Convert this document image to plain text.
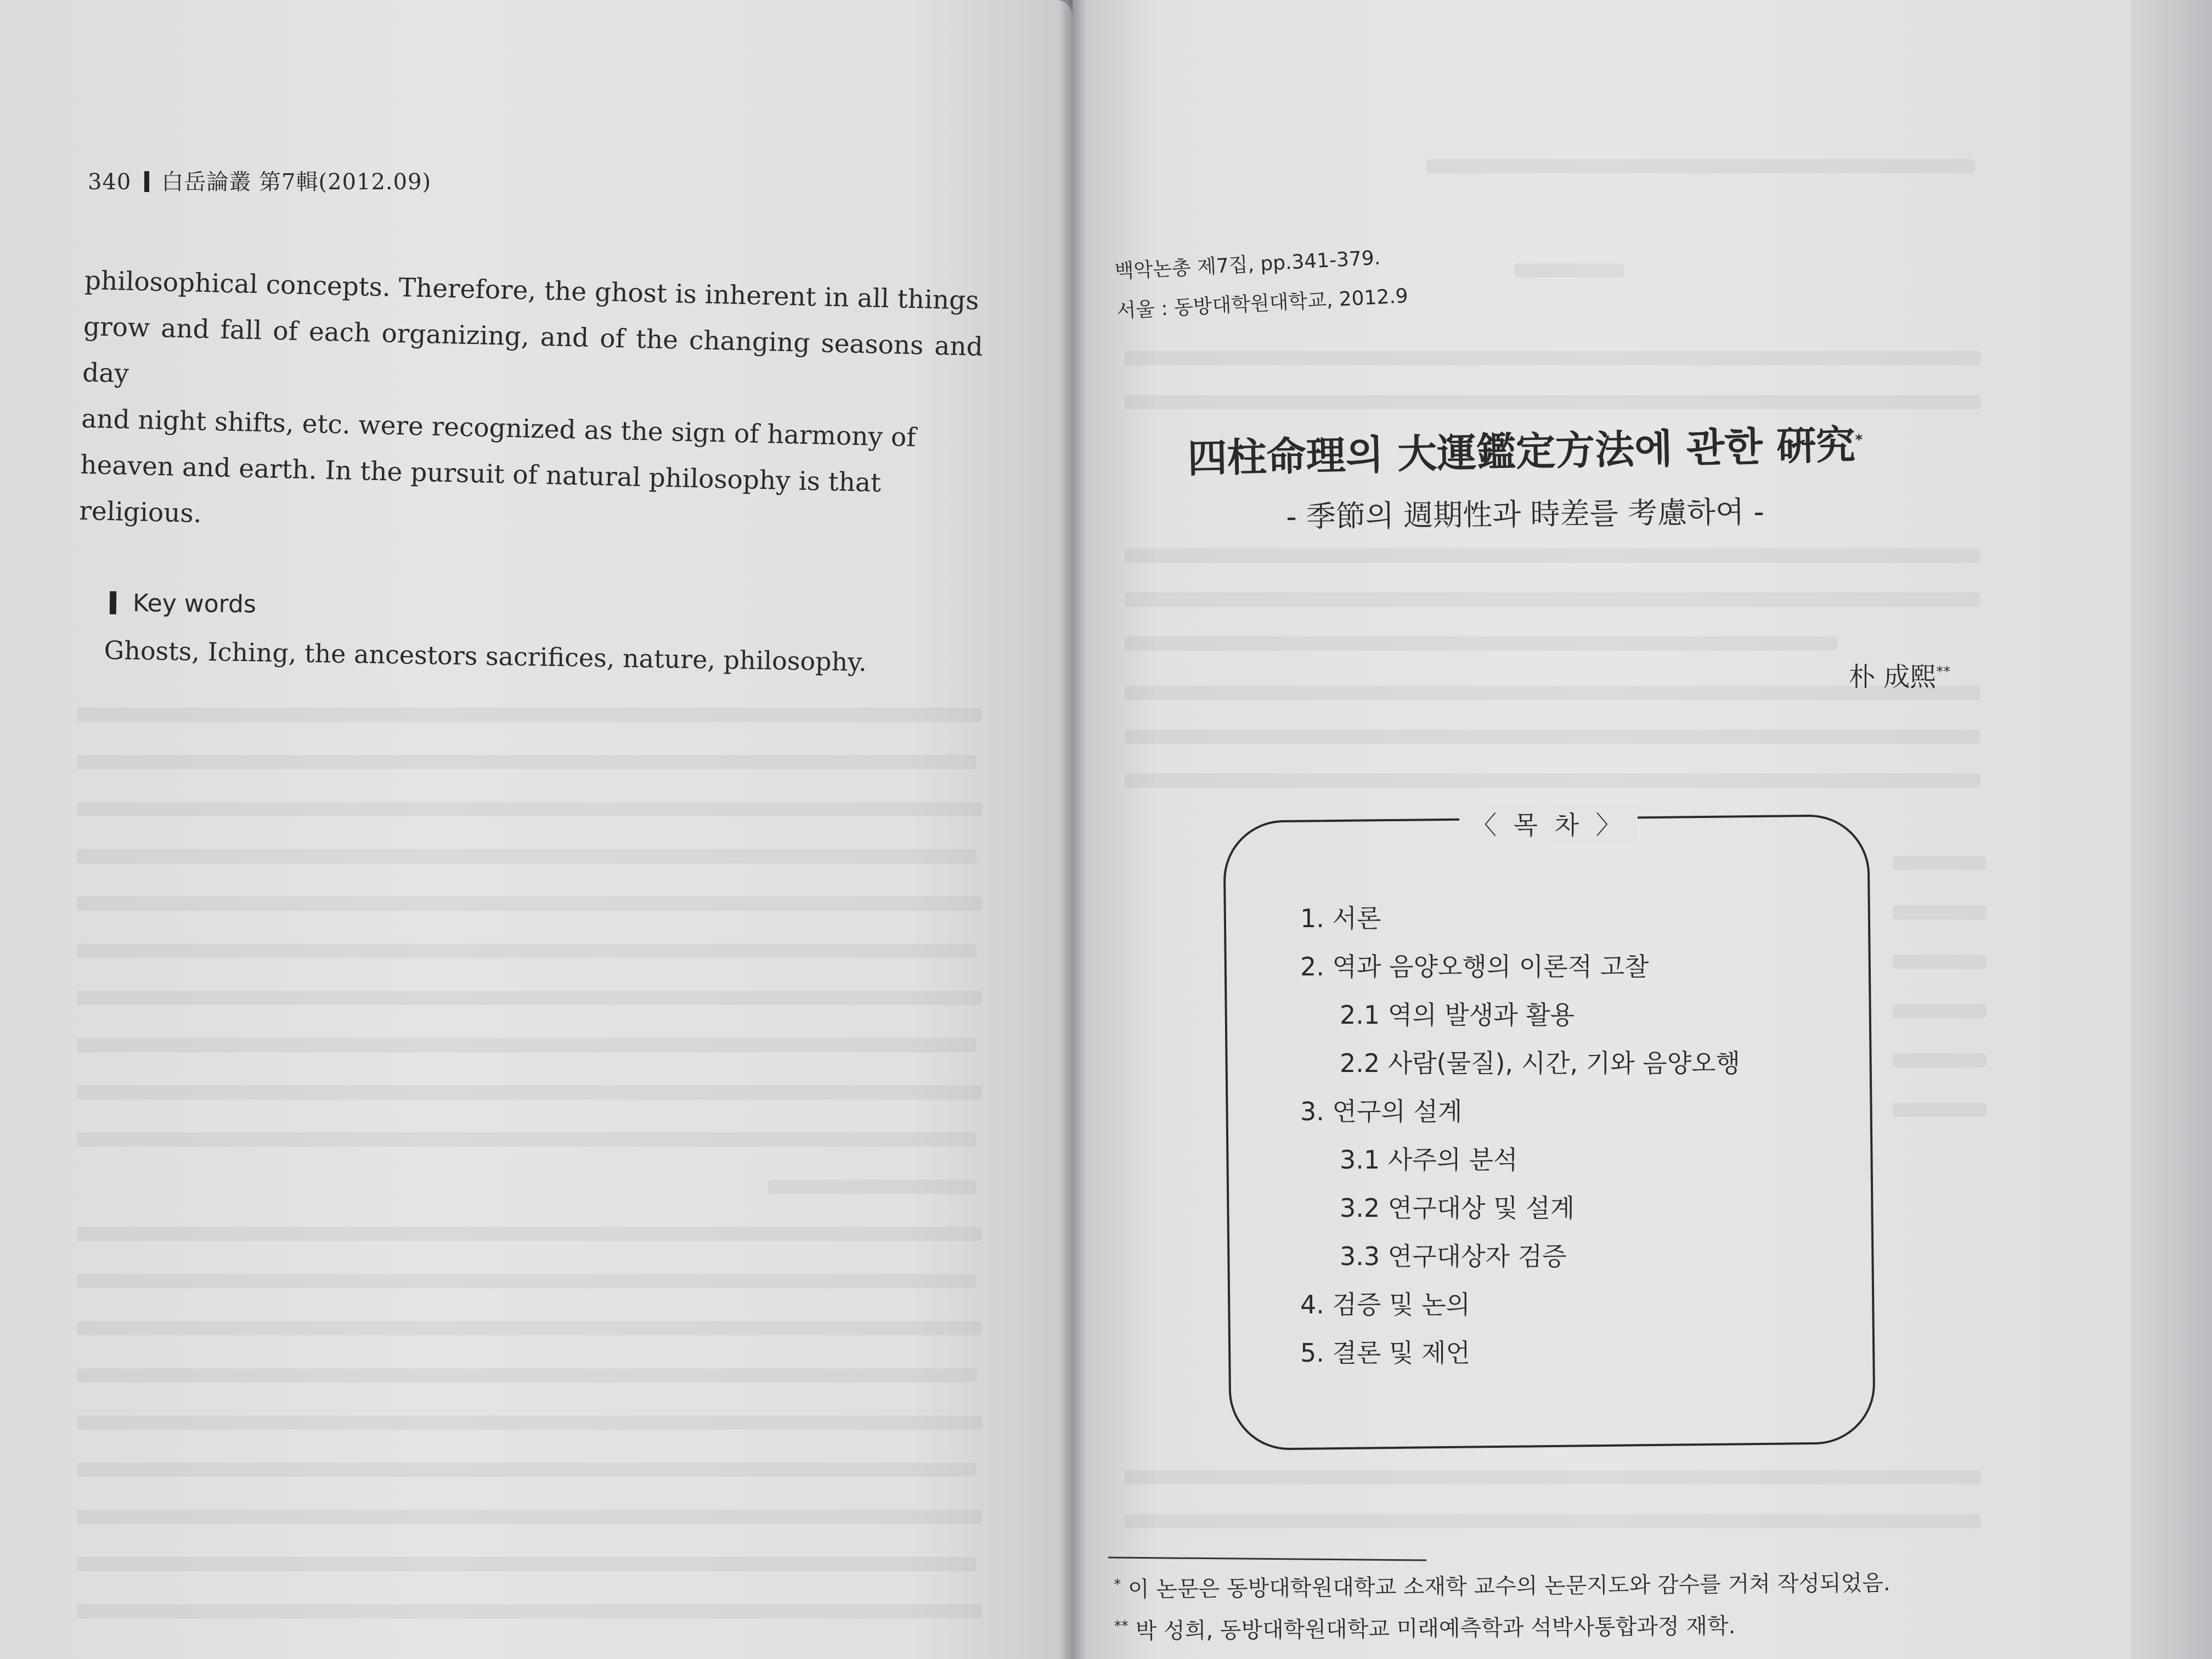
340 白岳論叢 第7輯(2012.09)
philosophical concepts. Therefore, the ghost is inherent in all things
grow and fall of each organizing, and of the changing seasons and day
and night shifts, etc. were recognized as the sign of harmony of
heaven and earth. In the pursuit of natural philosophy is that
religious.
Key words
Ghosts, Iching, the ancestors sacrifices, nature, philosophy.
백악논총 제7집, pp.341-379.
서울 : 동방대학원대학교, 2012.9
四柱命理의 大運鑑定方法에 관한 硏究*
- 季節의 週期性과 時差를 考慮하여 -
朴 成熙**
〈 목 차 〉
1. 서론
2. 역과 음양오행의 이론적 고찰
2.1 역의 발생과 활용
2.2 사람(물질), 시간, 기와 음양오행
3. 연구의 설계
3.1 사주의 분석
3.2 연구대상 및 설계
3.3 연구대상자 검증
4. 검증 및 논의
5. 결론 및 제언
* 이 논문은 동방대학원대학교 소재학 교수의 논문지도와 감수를 거쳐 작성되었음.
** 박 성희, 동방대학원대학교 미래예측학과 석박사통합과정 재학.
